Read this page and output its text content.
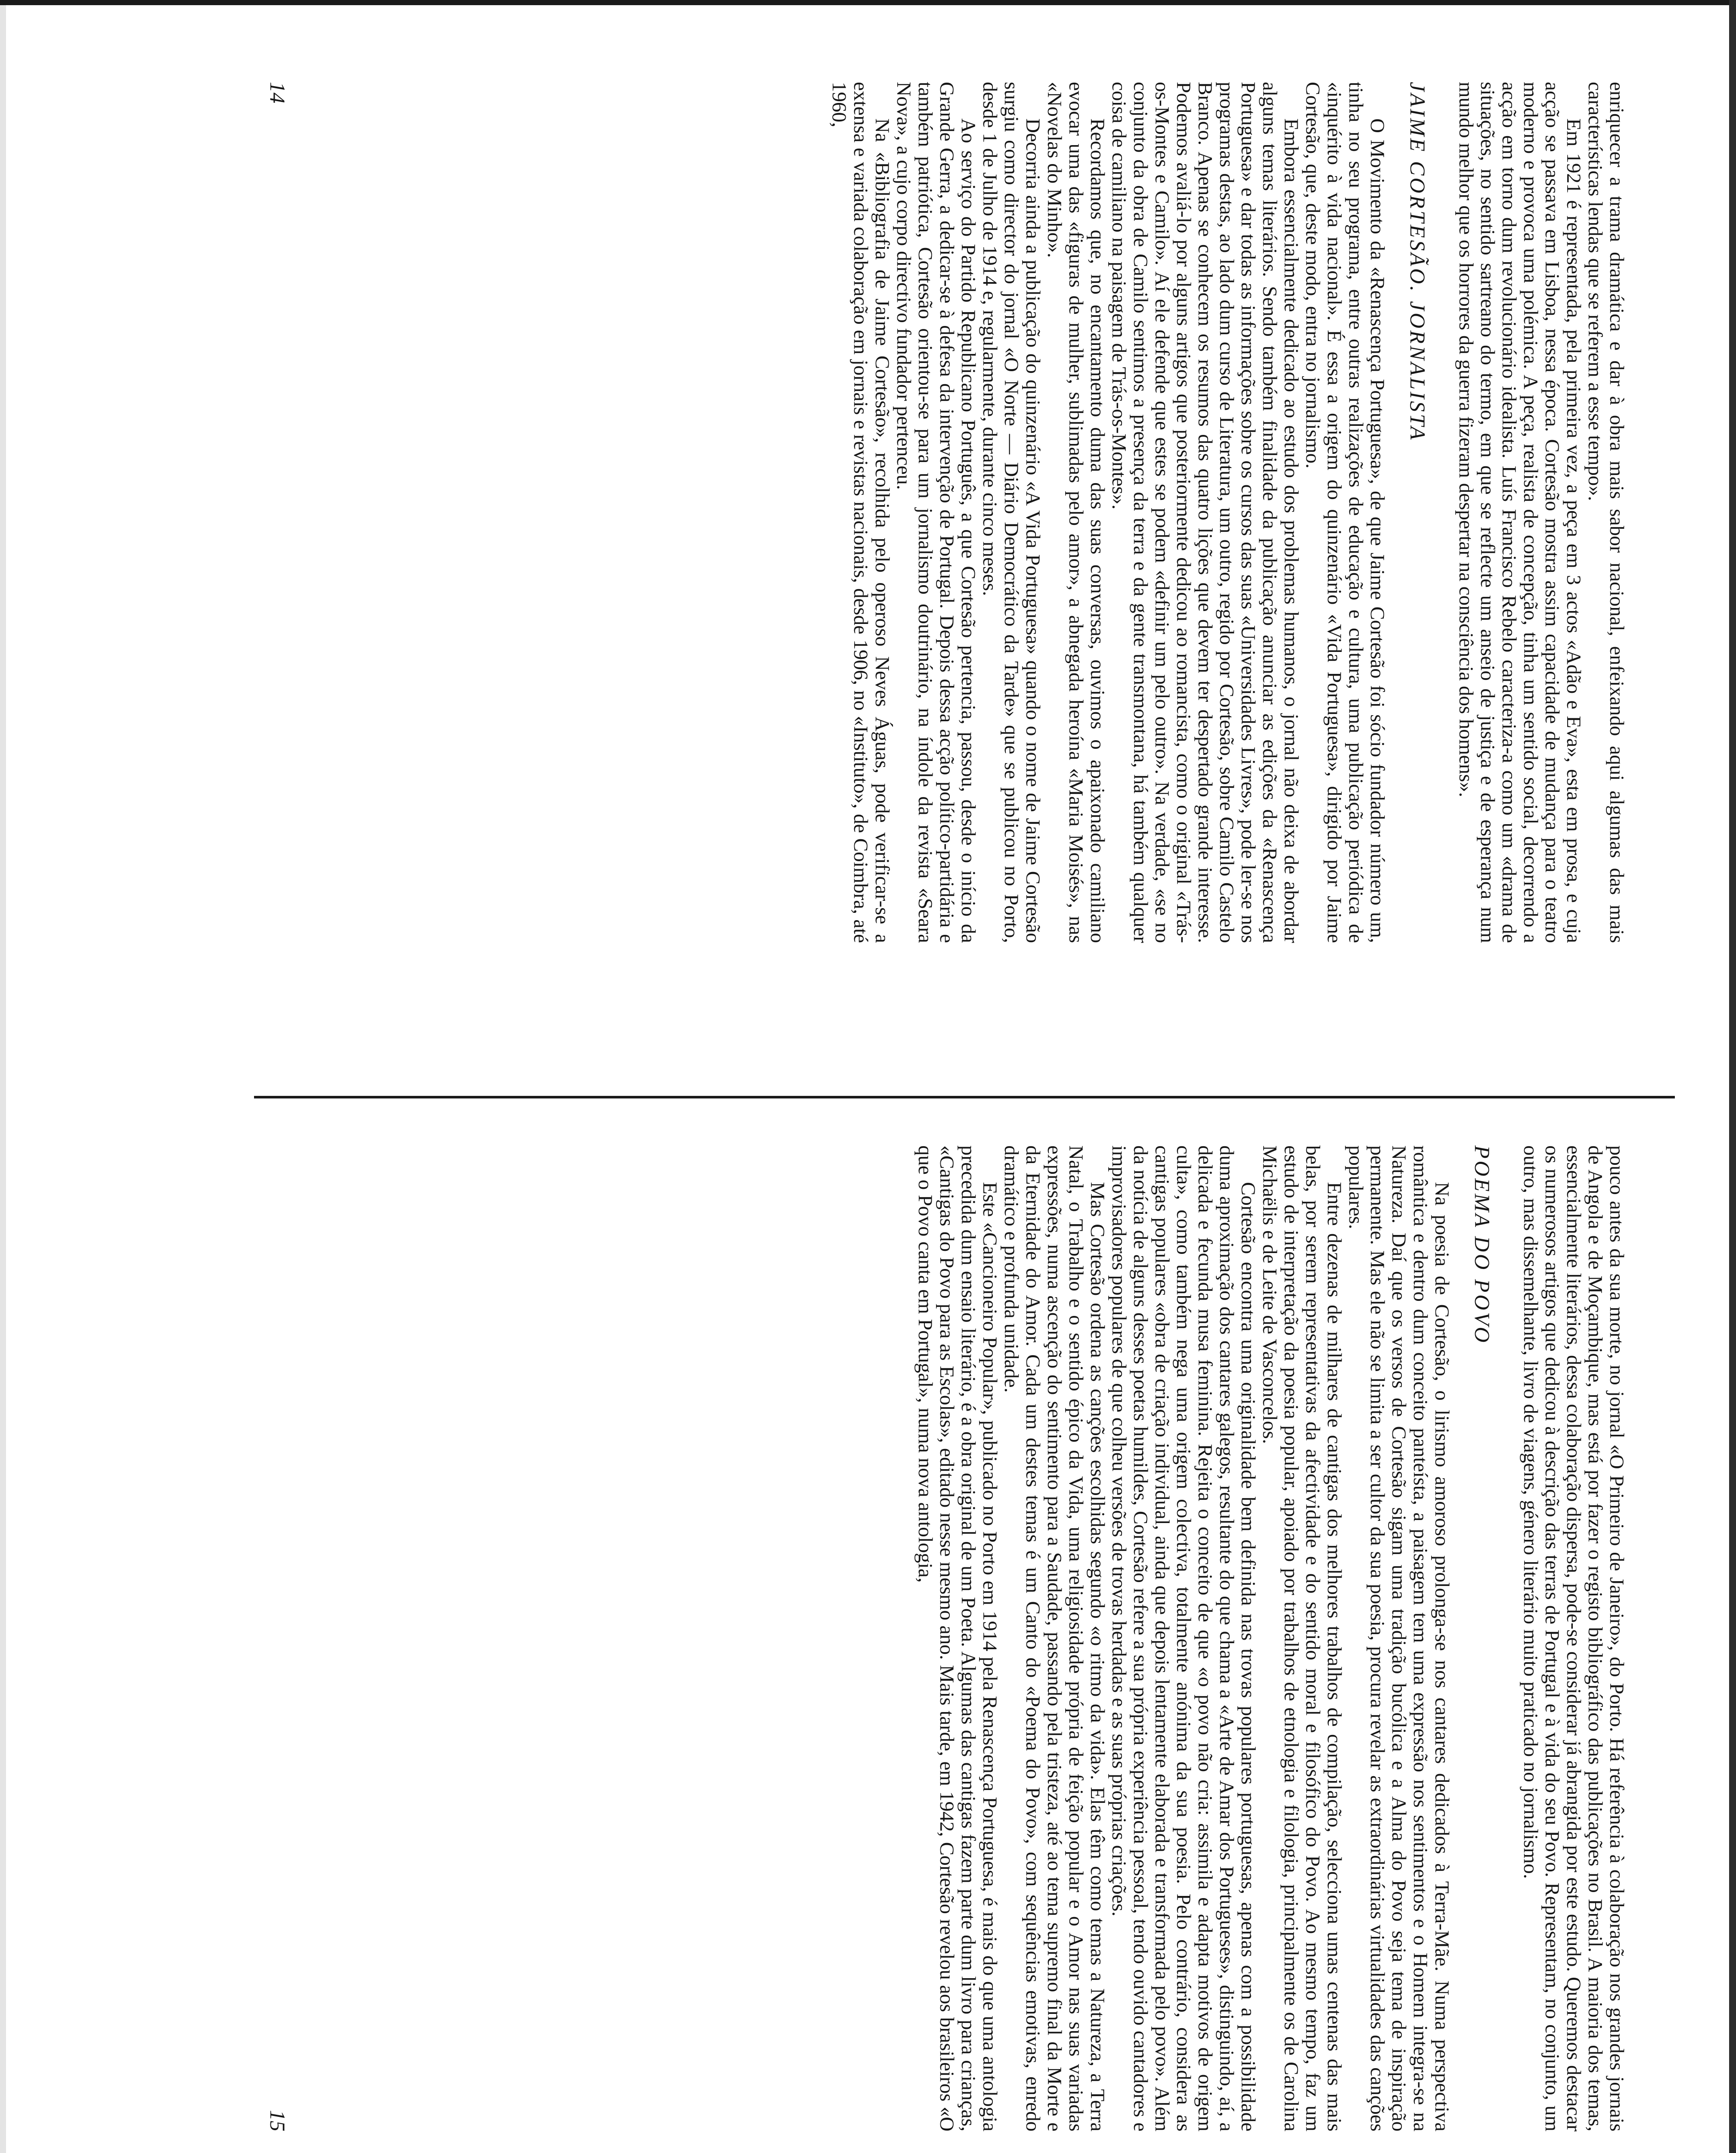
enriquecer a trama dramática e dar à obra mais sabor nacional, enfeixando aqui algumas das mais características lendas que se referem a esse tempo».

Em 1921 é representada, pela primeira vez, a peça em 3 actos «Adão e Eva», esta em prosa, e cuja acção se passava em Lisboa, nessa época. Cortesão mostra assim capacidade de mudança para o teatro moderno e provoca uma polémica. A peça, realista de concepção, tinha um sentido social, decorrendo a acção em torno dum revolucionário idealista. Luís Francisco Rebelo caracteriza-a como um «drama de situações, no sentido sartreano do termo, em que se reflecte um anseio de justiça e de esperança num mundo melhor que os horrores da guerra fizeram despertar na consciência dos homens».

JAIME CORTESÃO. JORNALISTA

O Movimento da «Renascença Portuguesa», de que Jaime Cortesão foi sócio fundador número um, tinha no seu programa, entre outras realizações de educação e cultura, uma publicação periódica de «inquérito à vida nacional». É essa a origem do quinzenário «Vida Portuguesa», dirigido por Jaime Cortesão, que, deste modo, entra no jornalismo.

Embora essencialmente dedicado ao estudo dos problemas humanos, o jornal não deixa de abordar alguns temas literários. Sendo também finalidade da publicação anunciar as edições da «Renascença Portuguesa» e dar todas as informações sobre os cursos das suas «Universidades Livres», pode ler-se nos programas destas, ao lado dum curso de Literatura, um outro, regido por Cortesão, sobre Camilo Castelo Branco. Apenas se conhecem os resumos das quatro lições que devem ter despertado grande interesse. Podemos avaliá-lo por alguns artigos que posteriormente dedicou ao romancista, como o original «Trás-os-Montes e Camilo». Aí ele defende que estes se podem «definir um pelo outro». Na verdade, «se no conjunto da obra de Camilo sentimos a presença da terra e da gente transmontana, há também qualquer coisa de camiliano na paisagem de Trás-os-Montes».

Recordamos que, no encantamento duma das suas conversas, ouvimos o apaixonado camiliano evocar uma das «figuras de mulher, sublimadas pelo amor», a abnegada heroína «Maria Moisés», nas «Novelas do Minho».

Decorria ainda a publicação do quinzenário «A Vida Portuguesa» quando o nome de Jaime Cortesão surgiu como director do jornal «O Norte — Diário Democrático da Tarde» que se publicou no Porto, desde 1 de Julho de 1914 e, regularmente, durante cinco meses.

Ao serviço do Partido Republicano Português, a que Cortesão pertencia, passou, desde o início da Grande Gerra, a dedicar-se à defesa da intervenção de Portugal. Depois dessa acção político-partidária e também patriótica, Cortesão orientou-se para um jornalismo doutrinário, na índole da revista «Seara Nova», a cujo corpo directivo fundador pertenceu.

Na «Bibliografia de Jaime Cortesão», recolhida pelo operoso Neves Águas, pode verificar-se a extensa e variada colaboração em jornais e revistas nacionais, desde 1906, no «Instituto», de Coimbra, até 1960,

14

pouco antes da sua morte, no jornal «O Primeiro de Janeiro», do Porto. Há referência à colaboração nos grandes jornais de Angola e de Moçambique, mas está por fazer o registo bibliográfico das publicações no Brasil. A maioria dos temas, essencialmente literários, dessa colaboração dispersa, pode-se considerar já abrangida por este estudo. Queremos destacar os numerosos artigos que dedicou à descrição das terras de Portugal e à vida do seu Povo. Representam, no conjunto, um outro, mas dissemelhante, livro de viagens, género literário muito praticado no jornalismo.

POEMA DO POVO

Na poesia de Cortesão, o lirismo amoroso prolonga-se nos cantares dedicados à Terra-Mãe. Numa perspectiva romântica e dentro dum conceito panteísta, a paisagem tem uma expressão nos sentimentos e o Homem integra-se na Natureza. Daí que os versos de Cortesão sigam uma tradição bucólica e a Alma do Povo seja tema de inspiração permanente. Mas ele não se limita a ser cultor da sua poesia, procura revelar as extraordinárias virtualidades das canções populares.

Entre dezenas de milhares de cantigas dos melhores trabalhos de compilação, selecciona umas centenas das mais belas, por serem representativas da afectividade e do sentido moral e filosófico do Povo. Ao mesmo tempo, faz um estudo de interpretação da poesia popular, apoiado por trabalhos de etnologia e filologia, principalmente os de Carolina Michaëlis e de Leite de Vasconcelos.

Cortesão encontra uma originalidade bem definida nas trovas populares portuguesas, apenas com a possibilidade duma aproximação dos cantares galegos, resultante do que chama a «Arte de Amar dos Portugueses», distinguindo, aí, a delicada e fecunda musa feminina. Rejeita o conceito de que «o povo não cria: assimila e adapta motivos de origem culta», como também nega uma origem colectiva, totalmente anónima da sua poesia. Pelo contrário, considera as cantigas populares «obra de criação individual, ainda que depois lentamente elaborada e transformada pelo povo». Além da notícia de alguns desses poetas humildes, Cortesão refere a sua própria experiência pessoal, tendo ouvido cantadores e improvisadores populares de que colheu versões de trovas herdadas e as suas próprias criações.

Mas Cortesão ordena as canções escolhidas segundo «o ritmo da vida». Elas têm como temas a Natureza, a Terra Natal, o Trabalho e o sentido épico da Vida, uma religiosidade própria de feição popular e o Amor nas suas variadas expressões, numa ascenção do sentimento para a Saudade, passando pela tristeza, até ao tema supremo final da Morte e da Eternidade do Amor. Cada um destes temas é um Canto do «Poema do Povo», com sequências emotivas, enredo dramático e profunda unidade.

Este «Cancioneiro Popular», publicado no Porto em 1914 pela Renascença Portuguesa, é mais do que uma antologia precedida dum ensaio literário, é a obra original de um Poeta. Algumas das cantigas fazem parte dum livro para crianças, «Cantigas do Povo para as Escolas», editado nesse mesmo ano. Mais tarde, em 1942, Cortesão revelou aos brasileiros «O que o Povo canta em Portugal», numa nova antologia,

15
